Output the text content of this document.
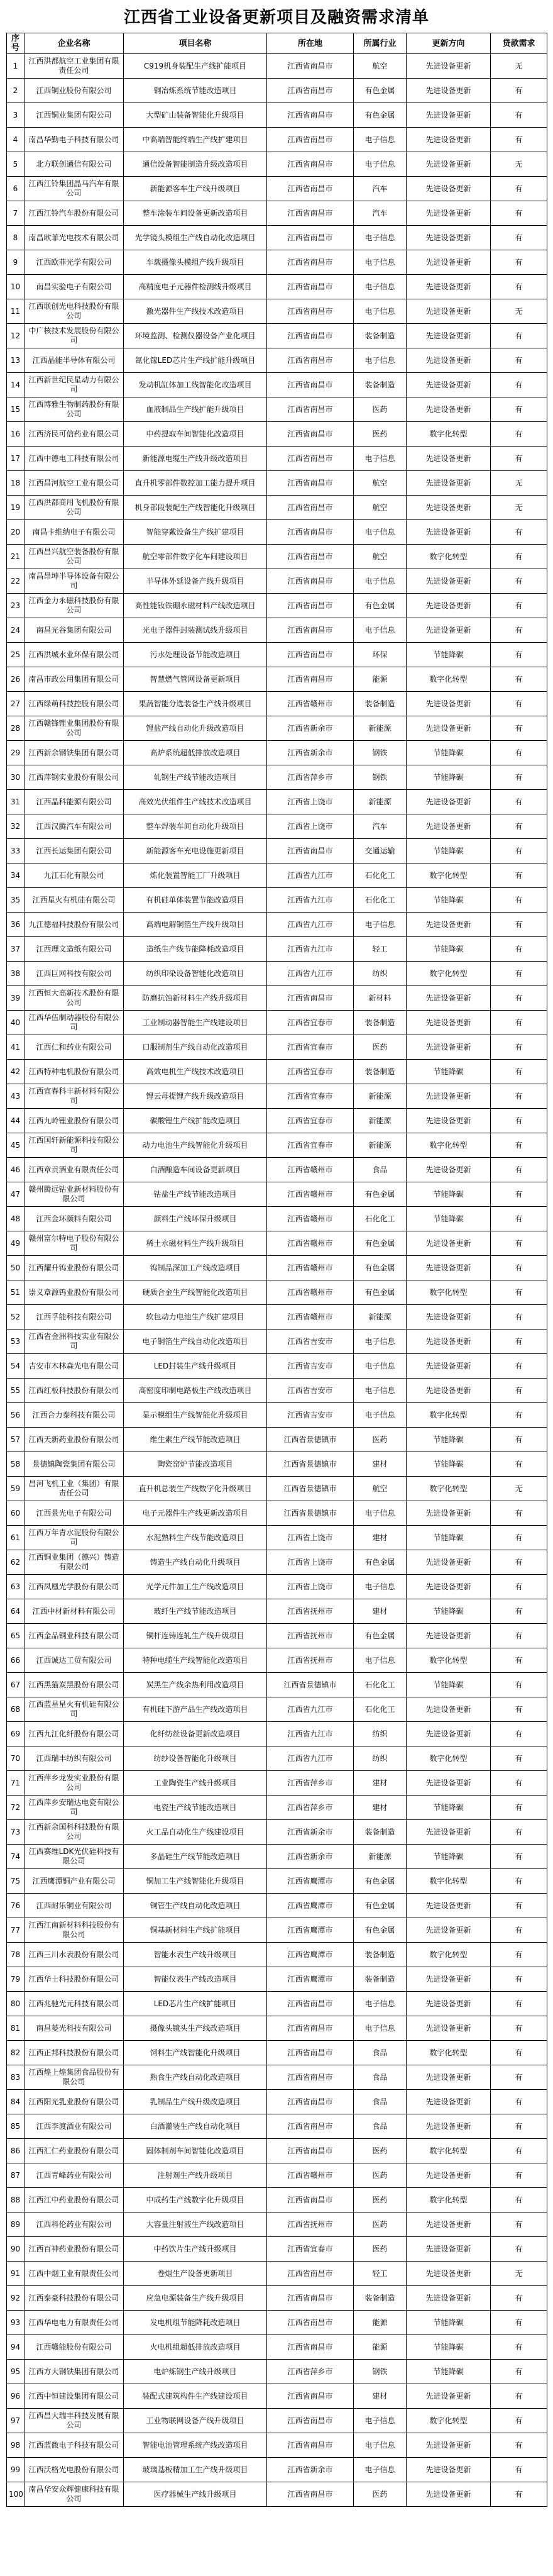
江西省工业设备更新项目及融资需求清单
序号	企业名称	项目名称	所在地	所属行业	更新方向	贷款需求
1	江西洪都航空工业集团有限责任公司	C919机身装配生产线扩能项目	江西省南昌市	航空	先进设备更新	无
2	江西铜业股份有限公司	铜冶炼系统节能改造项目	江西省南昌市	有色金属	先进设备更新	有
3	江西铜业集团有限公司	大型矿山装备智能化升级项目	江西省南昌市	有色金属	先进设备更新	有
4	南昌华勤电子科技有限公司	中高端智能终端生产线扩建项目	江西省南昌市	电子信息	先进设备更新	有
5	北方联创通信有限公司	通信设备智能制造升级改造项目	江西省南昌市	电子信息	先进设备更新	无
6	江西江铃集团晶马汽车有限公司	新能源客车生产线升级项目	江西省南昌市	汽车	先进设备更新	有
7	江西江铃汽车股份有限公司	整车涂装车间设备更新改造项目	江西省南昌市	汽车	先进设备更新	有
8	南昌欧菲光电技术有限公司	光学镜头模组生产线自动化改造项目	江西省南昌市	电子信息	先进设备更新	有
9	江西欧菲光学有限公司	车载摄像头模组产线升级项目	江西省南昌市	电子信息	先进设备更新	有
10	南昌实验电子有限公司	高精度电子元器件检测线升级项目	江西省南昌市	电子信息	先进设备更新	有
11	江西联创光电科技股份有限公司	激光器件生产线技术改造项目	江西省南昌市	电子信息	先进设备更新	无
12	中广核技术发展股份有限公司	环境监测、检测仪器设备产业化项目	江西省南昌市	装备制造	先进设备更新	有
13	江西晶能半导体有限公司	氮化镓LED芯片生产线扩能升级项目	江西省南昌市	电子信息	先进设备更新	有
14	江西新世纪民星动力有限公司	发动机缸体加工线智能化改造项目	江西省南昌市	装备制造	先进设备更新	有
15	江西博雅生物制药股份有限公司	血液制品生产线扩能升级项目	江西省南昌市	医药	先进设备更新	有
16	江西济民可信药业有限公司	中药提取车间智能化改造项目	江西省南昌市	医药	数字化转型	有
17	江西中德电工科技有限公司	新能源电缆生产线升级改造项目	江西省南昌市	电子信息	先进设备更新	有
18	江西昌河航空工业有限公司	直升机零部件数控加工能力提升项目	江西省南昌市	航空	先进设备更新	无
19	江西洪都商用飞机股份有限公司	机身部段装配生产线智能化升级项目	江西省南昌市	航空	先进设备更新	无
20	南昌卡维纳电子有限公司	智能穿戴设备生产线扩建项目	江西省南昌市	电子信息	先进设备更新	有
21	江西昌兴航空装备股份有限公司	航空零部件数字化车间建设项目	江西省南昌市	航空	数字化转型	有
22	南昌昂坤半导体设备有限公司	半导体外延设备产线升级项目	江西省南昌市	电子信息	先进设备更新	有
23	江西金力永磁科技股份有限公司	高性能钕铁硼永磁材料产线改造项目	江西省南昌市	有色金属	先进设备更新	有
24	南昌光谷集团有限公司	光电子器件封装测试线升级项目	江西省南昌市	电子信息	先进设备更新	有
25	江西洪城水业环保有限公司	污水处理设备节能改造项目	江西省南昌市	环保	节能降碳	有
26	南昌市政公用集团有限公司	智慧燃气管网设备更新项目	江西省南昌市	能源	数字化转型	有
27	江西绿萌科技控股有限公司	果蔬智能分选装备生产线升级项目	江西省赣州市	装备制造	先进设备更新	有
28	江西赣锋锂业集团股份有限公司	锂盐产线自动化升级改造项目	江西省新余市	新能源	先进设备更新	有
29	江西新余钢铁集团有限公司	高炉系统超低排放改造项目	江西省新余市	钢铁	节能降碳	有
30	江西萍钢实业股份有限公司	轧钢生产线节能改造项目	江西省萍乡市	钢铁	节能降碳	有
31	江西晶科能源有限公司	高效光伏组件生产线技术改造项目	江西省上饶市	新能源	先进设备更新	有
32	江西汉腾汽车有限公司	整车焊装车间自动化升级项目	江西省上饶市	汽车	先进设备更新	有
33	江西长运集团有限公司	新能源客车充电设施更新项目	江西省南昌市	交通运输	节能降碳	有
34	九江石化有限公司	炼化装置智能工厂升级项目	江西省九江市	石化化工	数字化转型	有
35	江西星火有机硅有限公司	有机硅单体装置节能改造项目	江西省九江市	石化化工	节能降碳	有
36	九江德福科技股份有限公司	高端电解铜箔生产线升级项目	江西省九江市	电子信息	先进设备更新	有
37	江西理文造纸有限公司	造纸生产线节能降耗改造项目	江西省九江市	轻工	节能降碳	有
38	江西巨网科技有限公司	纺织印染设备智能化改造项目	江西省九江市	纺织	数字化转型	有
39	江西恒大高新技术股份有限公司	防磨抗蚀新材料生产线升级项目	江西省南昌市	新材料	先进设备更新	有
40	江西华伍制动器股份有限公司	工业制动器智能生产线建设项目	江西省宜春市	装备制造	先进设备更新	有
41	江西仁和药业有限公司	口服制剂生产线自动化改造项目	江西省宜春市	医药	先进设备更新	有
42	江西特种电机股份有限公司	高效电机生产线技术改造项目	江西省宜春市	装备制造	节能降碳	有
43	江西宜春科丰新材料有限公司	锂云母提锂产线升级改造项目	江西省宜春市	新能源	先进设备更新	有
44	江西九岭锂业股份有限公司	碳酸锂生产线扩能改造项目	江西省宜春市	新能源	先进设备更新	有
45	江西国轩新能源科技有限公司	动力电池生产线智能化升级项目	江西省宜春市	新能源	数字化转型	有
46	江西章贡酒业有限责任公司	白酒酿造车间设备更新项目	江西省赣州市	食品	先进设备更新	有
47	赣州腾远钴业新材料股份有限公司	钴盐生产线节能改造项目	江西省赣州市	有色金属	节能降碳	有
48	江西金环颜料有限公司	颜料生产线环保升级项目	江西省赣州市	石化化工	节能降碳	有
49	赣州富尔特电子股份有限公司	稀土永磁材料生产线升级项目	江西省赣州市	有色金属	先进设备更新	有
50	江西耀升钨业股份有限公司	钨制品深加工产线改造项目	江西省赣州市	有色金属	先进设备更新	有
51	崇义章源钨业股份有限公司	硬质合金生产线智能化改造项目	江西省赣州市	有色金属	数字化转型	有
52	江西孚能科技有限公司	软包动力电池生产线扩建项目	江西省赣州市	新能源	先进设备更新	有
53	江西省金洲科技实业有限公司	电子铜箔生产线自动化改造项目	江西省吉安市	电子信息	先进设备更新	有
54	吉安市木林森光电有限公司	LED封装生产线升级项目	江西省吉安市	电子信息	先进设备更新	有
55	江西红板科技股份有限公司	高密度印制电路板生产线改造项目	江西省吉安市	电子信息	先进设备更新	有
56	江西合力泰科技有限公司	显示模组生产线智能化升级项目	江西省吉安市	电子信息	数字化转型	有
57	江西天新药业股份有限公司	维生素生产线节能改造项目	江西省景德镇市	医药	节能降碳	有
58	景德镇陶瓷集团有限公司	陶瓷窑炉节能改造项目	江西省景德镇市	建材	节能降碳	有
59	昌河飞机工业（集团）有限责任公司	直升机总装生产线数字化升级项目	江西省景德镇市	航空	数字化转型	无
60	江西景光电子有限公司	电子元器件生产线更新改造项目	江西省景德镇市	电子信息	先进设备更新	有
61	江西万年青水泥股份有限公司	水泥熟料生产线节能改造项目	江西省上饶市	建材	节能降碳	有
62	江西铜业集团（德兴）铸造有限公司	铸造生产线自动化升级项目	江西省上饶市	有色金属	先进设备更新	有
63	江西凤凰光学股份有限公司	光学元件加工生产线改造项目	江西省上饶市	电子信息	先进设备更新	有
64	江西中材新材料有限公司	玻纤生产线节能改造项目	江西省抚州市	建材	节能降碳	有
65	江西金品铜业科技有限公司	铜杆连铸连轧生产线升级项目	江西省抚州市	有色金属	先进设备更新	有
66	江西诚达工贸有限公司	特种电缆生产线智能化改造项目	江西省抚州市	电子信息	数字化转型	有
67	江西黑猫炭黑股份有限公司	炭黑生产线余热利用改造项目	江西省景德镇市	石化化工	节能降碳	有
68	江西蓝星星火有机硅有限公司	有机硅下游产品生产线改造项目	江西省九江市	石化化工	先进设备更新	有
69	江西九江化纤股份有限公司	化纤纺丝设备更新改造项目	江西省九江市	纺织	先进设备更新	有
70	江西瑞丰纺织有限公司	纺纱设备智能化升级项目	江西省九江市	纺织	数字化转型	有
71	江西萍乡龙发实业股份有限公司	工业陶瓷生产线升级项目	江西省萍乡市	建材	先进设备更新	有
72	江西萍乡安瑞达电瓷有限公司	电瓷生产线节能改造项目	江西省萍乡市	建材	节能降碳	有
73	江西新余国科科技股份有限公司	火工品自动化生产线建设项目	江西省新余市	装备制造	先进设备更新	有
74	江西赛维LDK光伏硅科技有限公司	多晶硅生产线节能改造项目	江西省新余市	新能源	节能降碳	有
75	江西鹰潭铜产业有限公司	铜加工生产线智能化升级项目	江西省鹰潭市	有色金属	数字化转型	有
76	江西耐乐铜业有限公司	铜管生产线自动化改造项目	江西省鹰潭市	有色金属	先进设备更新	有
77	江西江南新材料科技股份有限公司	铜基新材料生产线扩能项目	江西省鹰潭市	有色金属	先进设备更新	有
78	江西三川水表股份有限公司	智能水表生产线升级项目	江西省鹰潭市	装备制造	数字化转型	有
79	江西华士科技股份有限公司	智能仪表生产线改造项目	江西省鹰潭市	装备制造	先进设备更新	有
80	江西兆驰光元科技有限公司	LED芯片生产线扩能项目	江西省南昌市	电子信息	先进设备更新	有
81	南昌菱光科技有限公司	摄像头镜头生产线改造项目	江西省南昌市	电子信息	先进设备更新	有
82	江西正邦科技股份有限公司	饲料生产线智能化升级项目	江西省南昌市	食品	数字化转型	有
83	江西煌上煌集团食品股份有限公司	熟食生产线自动化改造项目	江西省南昌市	食品	先进设备更新	有
84	江西阳光乳业股份有限公司	乳制品生产线升级改造项目	江西省南昌市	食品	先进设备更新	有
85	江西李渡酒业有限公司	白酒灌装生产线自动化项目	江西省南昌市	食品	先进设备更新	有
86	江西汇仁药业股份有限公司	固体制剂车间智能化改造项目	江西省南昌市	医药	数字化转型	有
87	江西青峰药业有限公司	注射剂生产线升级项目	江西省赣州市	医药	先进设备更新	有
88	江西江中药业股份有限公司	中成药生产线数字化升级项目	江西省南昌市	医药	数字化转型	有
89	江西科伦药业有限公司	大容量注射液生产线改造项目	江西省抚州市	医药	先进设备更新	有
90	江西百神药业股份有限公司	中药饮片生产线升级项目	江西省宜春市	医药	先进设备更新	有
91	江西中烟工业有限责任公司	卷烟生产设备更新项目	江西省南昌市	轻工	先进设备更新	无
92	江西泰豪科技股份有限公司	应急电源装备生产线升级项目	江西省南昌市	装备制造	先进设备更新	有
93	江西华电电力有限责任公司	发电机组节能降耗改造项目	江西省南昌市	能源	节能降碳	有
94	江西赣能股份有限公司	火电机组超低排放改造项目	江西省南昌市	能源	节能降碳	有
95	江西方大钢铁集团有限公司	电炉炼钢生产线升级项目	江西省萍乡市	钢铁	节能降碳	有
96	江西中恒建设集团有限公司	装配式建筑构件生产线建设项目	江西省南昌市	建材	先进设备更新	有
97	江西昌大瑞丰科技发展有限公司	工业物联网设备产线升级项目	江西省南昌市	电子信息	数字化转型	有
98	江西蓝微电子科技有限公司	智能电池管理系统产线改造项目	江西省南昌市	电子信息	先进设备更新	有
99	江西沃格光电股份有限公司	玻璃基板精加工生产线升级项目	江西省新余市	电子信息	先进设备更新	有
100	南昌华安众辉健康科技有限公司	医疗器械生产线升级项目	江西省南昌市	医药	先进设备更新	有
